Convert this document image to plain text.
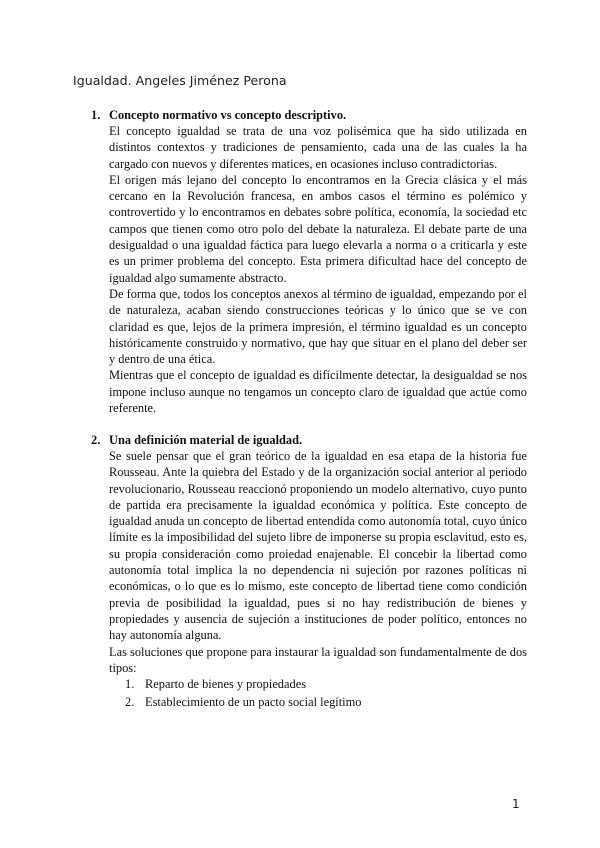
Igualdad. Angeles Jiménez Perona
1. Concepto normativo vs concepto descriptivo.

El concepto igualdad se trata de una voz polisémica que ha sido utilizada en distintos contextos y tradiciones de pensamiento, cada una de las cuales la ha cargado con nuevos y diferentes matices, en ocasiones incluso contradictorias.

El origen más lejano del concepto lo encontramos en la Grecia clásica y el más cercano en la Revolución francesa, en ambos casos el término es polémico y controvertido y lo encontramos en debates sobre política, economía, la sociedad etc campos que tienen como otro polo del debate la naturaleza. El debate parte de una desigualdad o una igualdad fáctica para luego elevarla a norma o a criticarla y este es un primer problema del concepto. Esta primera dificultad hace del concepto de igualdad algo sumamente abstracto.

De forma que, todos los conceptos anexos al término de igualdad, empezando por el de naturaleza, acaban siendo construcciones teóricas y lo único que se ve con claridad es que, lejos de la primera impresión, el término igualdad es un concepto históricamente construido y normativo, que hay que situar en el plano del deber ser y dentro de una ética.

Mientras que el concepto de igualdad es difícilmente detectar, la desigualdad se nos impone incluso aunque no tengamos un concepto claro de igualdad que actúe como referente.

2. Una definición material de igualdad.

Se suele pensar que el gran teórico de la igualdad en esa etapa de la historia fue Rousseau. Ante la quiebra del Estado y de la organización social anterior al periodo revolucionario, Rousseau reaccionó proponiendo un modelo alternativo, cuyo punto de partida era precisamente la igualdad económica y política. Este concepto de igualdad anuda un concepto de libertad entendida como autonomía total, cuyo único límite es la imposibilidad del sujeto libre de imponerse su propia esclavitud, esto es, su propia consideración como proiedad enajenable. El concebir la libertad como autonomía total implica la no dependencia ni sujeción por razones políticas ni económicas, o lo que es lo mismo, este concepto de libertad tiene como condición previa de posibilidad la igualdad, pues si no hay redistribución de bienes y propiedades y ausencia de sujeción a instituciones de poder político, entonces no hay autonomía alguna.

Las soluciones que propone para instaurar la igualdad son fundamentalmente de dos tipos:

1. Reparto de bienes y propiedades
2. Establecimiento de un pacto social legítimo
1
